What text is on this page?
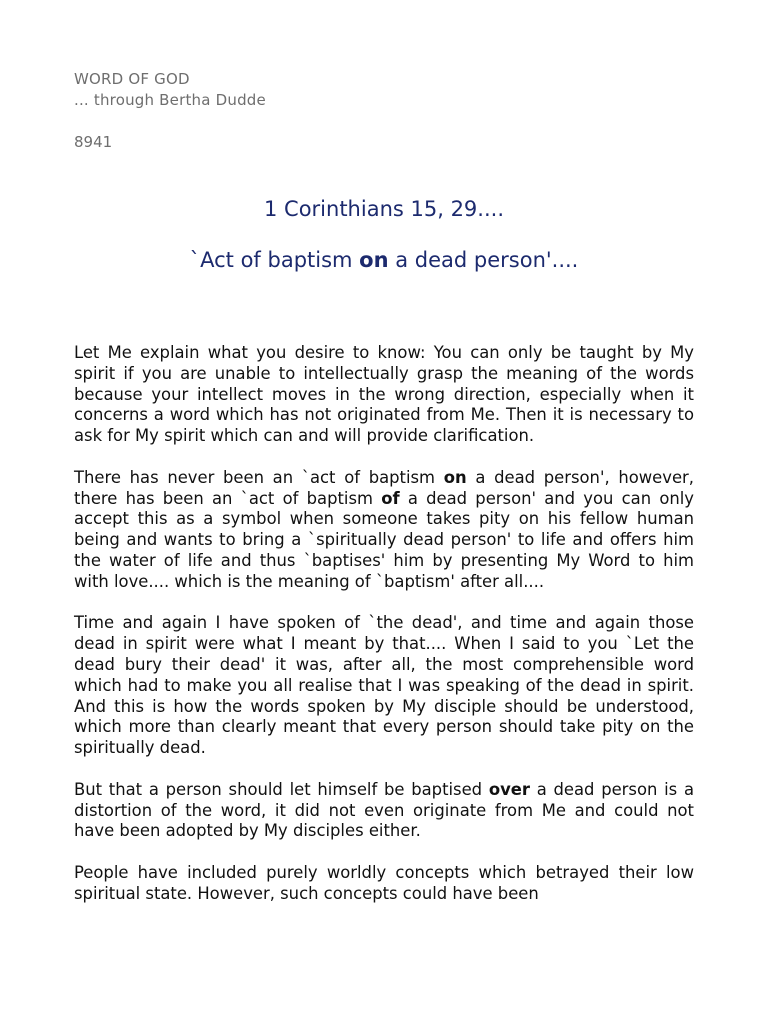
WORD OF GOD
... through Bertha Dudde
8941
1 Corinthians 15, 29....
`Act of baptism on a dead person'....

Let Me explain what you desire to know: You can only be taught by My spirit if you are unable to intellectually grasp the meaning of the words because your intellect moves in the wrong direction, especially when it concerns a word which has not originated from Me. Then it is necessary to ask for My spirit which can and will provide clarification.

There has never been an `act of baptism on a dead person', however, there has been an `act of baptism of a dead person' and you can only accept this as a symbol when someone takes pity on his fellow human being and wants to bring a `spiritually dead person' to life and offers him the water of life and thus `baptises' him by presenting My Word to him with love.... which is the meaning of `baptism' after all....

Time and again I have spoken of `the dead', and time and again those dead in spirit were what I meant by that.... When I said to you `Let the dead bury their dead' it was, after all, the most comprehensible word which had to make you all realise that I was speaking of the dead in spirit. And this is how the words spoken by My disciple should be understood, which more than clearly meant that every person should take pity on the spiritually dead.

But that a person should let himself be baptised over a dead person is a distortion of the word, it did not even originate from Me and could not have been adopted by My disciples either.

People have included purely worldly concepts which betrayed their low spiritual state. However, such concepts could have been
